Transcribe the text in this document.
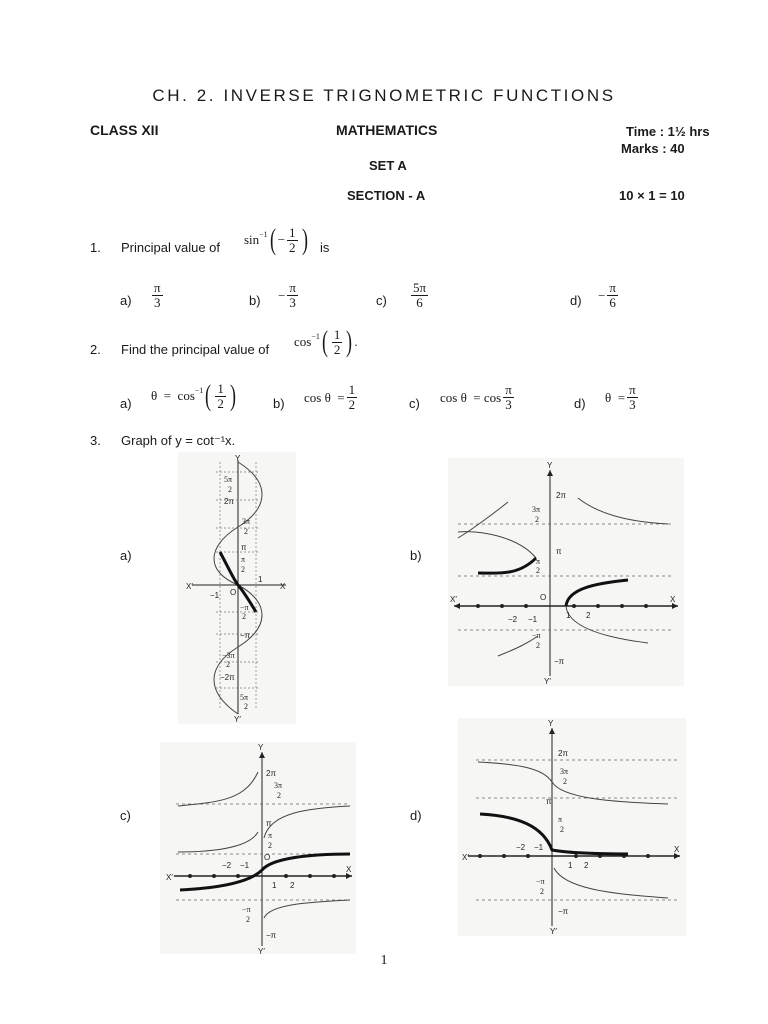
CH. 2. INVERSE TRIGNOMETRIC FUNCTIONS
CLASS XII	MATHEMATICS	Time : 1½ hrs
Marks : 40
SET A
SECTION - A	10 × 1 = 10
1. Principal value of
$\sin^{-1}$ ( − $\frac{1}{2}$ ) is
$a) \frac{\pi}{3}$	$b) - \frac{\pi}{3}$	$c) \frac{5\pi}{6}$	$d) - \frac{\pi}{6}$
2. Find the principal value of
$\cos^{-1}$ ( $\frac{1}{2}$ ) .
a)
$\theta = \cos^{-1}$ ( $\frac{1}{2}$ )	b) $\cos \theta = \frac{1}{2}$	c) $\cos \theta = \cos \frac{\pi}{3}$	d) $\theta = \frac{\pi}{3}$
3. Graph of y = cot⁻¹x.
a)	b)
c)	d)
Y
Y′
X
X′
O
1
−1
5π
2
2π
3π
2
π
π
2
−π
2
−π
−3π
2
−2π
5π
2
Y
Y′
X
X′	O
2π
3π
2
π
π
2
1 2
−2 −1
−π
2
−π
Y
Y′
X
X′
O
2π
3π
2
π
π
2
−2 −1
1 2
−π
2
−π
Y
Y′
X
X′
2π
3π
2
π
π
2
−2 −1
1 2
−π
2
−π
1
